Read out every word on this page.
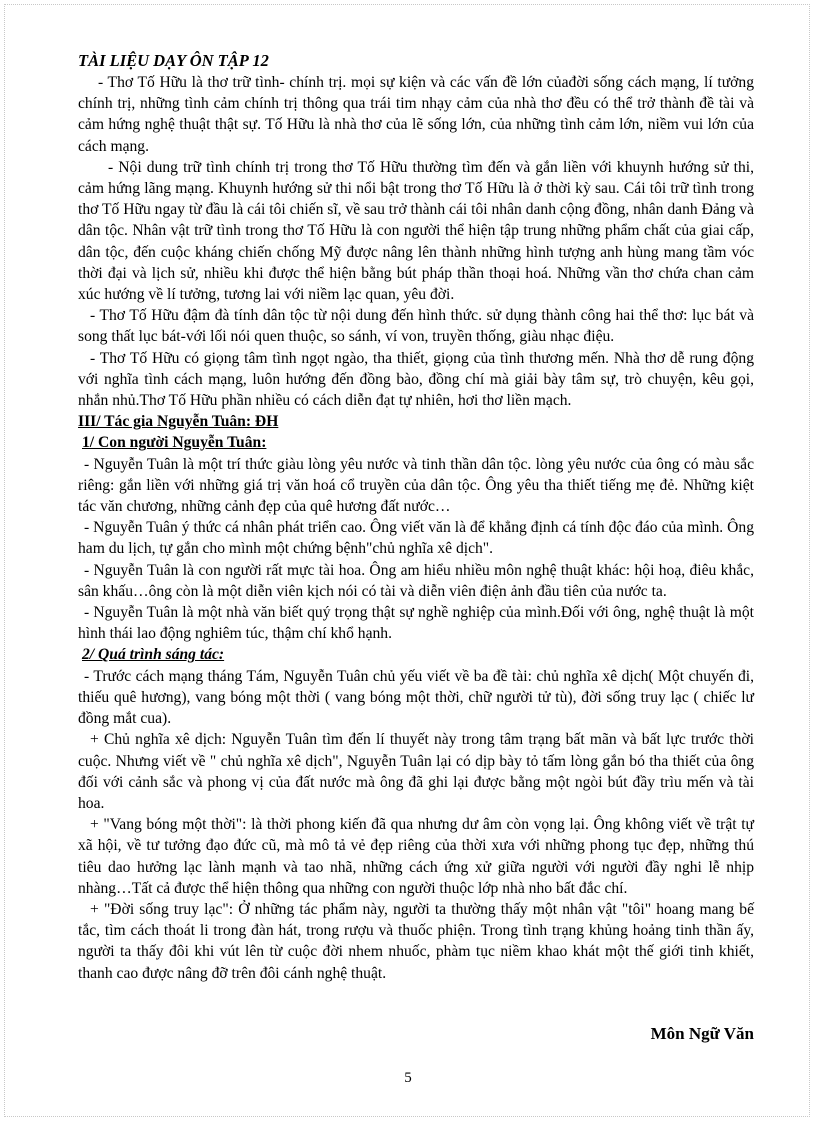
TÀI LIỆU DẠY ÔN TẬP 12

- Thơ Tố Hữu là thơ trữ tình- chính trị. mọi sự kiện và các vấn đề lớn củađời sống cách mạng, lí tưởng chính trị, những tình cảm chính trị thông qua trái tim nhạy cảm của nhà thơ đều có thể trở thành đề tài và cảm hứng nghệ thuật thật sự. Tố Hữu là nhà thơ của lẽ sống lớn, của những tình cảm lớn, niềm vui lớn của cách mạng.

- Nội dung trữ tình chính trị trong thơ Tố Hữu thường tìm đến và gắn liền với khuynh hướng sử thi, cảm hứng lãng mạng. Khuynh hướng sử thi nổi bật trong thơ Tố Hữu là ở thời kỳ sau. Cái tôi trữ tình trong thơ Tố Hữu ngay từ đầu là cái tôi chiến sĩ, về sau trở thành cái tôi nhân danh cộng đồng, nhân danh Đảng và dân tộc. Nhân vật trữ tình trong thơ Tố Hữu là con người thể hiện tập trung những phẩm chất của giai cấp, dân tộc, đến cuộc kháng chiến chống Mỹ được nâng lên thành những hình tượng anh hùng mang tầm vóc thời đại và lịch sử, nhiều khi được thể hiện bằng bút pháp thần thoại hoá. Những vần thơ chứa chan cảm xúc hướng về lí tưởng, tương lai với niềm lạc quan, yêu đời.

- Thơ Tố Hữu đậm đà tính dân tộc từ nội dung đến hình thức. sử dụng thành công hai thể thơ: lục bát và song thất lục bát-với lối nói quen thuộc, so sánh, ví von, truyền thống, giàu nhạc điệu.

- Thơ Tố Hữu có giọng tâm tình ngọt ngào, tha thiết, giọng của tình thương mến. Nhà thơ dễ rung động với nghĩa tình cách mạng, luôn hướng đến đồng bào, đồng chí mà giải bày tâm sự, trò chuyện, kêu gọi, nhắn nhủ.Thơ Tố Hữu phần nhiều có cách diễn đạt tự nhiên, hơi thơ liền mạch.

III/ Tác gia Nguyễn Tuân: ĐH

1/ Con người Nguyễn Tuân:

- Nguyễn Tuân là một trí thức giàu lòng yêu nước và tinh thần dân tộc. lòng yêu nước của ông có màu sắc riêng: gắn liền với những giá trị văn hoá cổ truyền của dân tộc. Ông yêu tha thiết tiếng mẹ đẻ. Những kiệt tác văn chương, những cảnh đẹp của quê hương đất nước…

- Nguyễn Tuân ý thức cá nhân phát triển cao. Ông viết văn là để khẳng định cá tính độc đáo của mình. Ông ham du lịch, tự gắn cho mình một chứng bệnh"chủ nghĩa xê dịch".

- Nguyễn Tuân là con người rất mực tài hoa. Ông am hiểu nhiều môn nghệ thuật khác: hội hoạ, điêu khắc, sân khấu…ông còn là một diễn viên kịch nói có tài và diễn viên điện ảnh đầu tiên của nước ta.

- Nguyễn Tuân là một nhà văn biết quý trọng thật sự nghề nghiệp của mình.Đối với ông, nghệ thuật là một hình thái lao động nghiêm túc, thậm chí khổ hạnh.

2/ Quá trình sáng tác:

- Trước cách mạng tháng Tám, Nguyễn Tuân chủ yếu viết về ba đề tài: chủ nghĩa xê dịch( Một chuyến đi, thiếu quê hương), vang bóng một thời ( vang bóng một thời, chữ người tử tù), đời sống truy lạc ( chiếc lư đồng mắt cua).

+ Chủ nghĩa xê dịch: Nguyễn Tuân tìm đến lí thuyết này trong tâm trạng bất mãn và bất lực trước thời cuộc. Nhưng viết về " chủ nghĩa xê dịch", Nguyễn Tuân lại có dịp bày tỏ tấm lòng gắn bó tha thiết của ông đối với cảnh sắc và phong vị của đất nước mà ông đã ghi lại được bằng một ngòi bút đầy trìu mến và tài hoa.

+ "Vang bóng một thời": là thời phong kiến đã qua nhưng dư âm còn vọng lại. Ông không viết về trật tự xã hội, về tư tưởng đạo đức cũ, mà mô tả vẻ đẹp riêng của thời xưa với những phong tục đẹp, những thú tiêu dao hưởng lạc lành mạnh và tao nhã, những cách ứng xử giữa người với người đầy nghi lễ nhịp nhàng…Tất cả được thể hiện thông qua những con người thuộc lớp nhà nho bất đắc chí.

+ "Đời sống truy lạc": Ở những tác phẩm này, người ta thường thấy một nhân vật "tôi" hoang mang bế tắc, tìm cách thoát li trong đàn hát, trong rượu và thuốc phiện. Trong tình trạng khủng hoảng tinh thần ấy, người ta thấy đôi khi vút lên từ cuộc đời nhem nhuốc, phàm tục niềm khao khát một thế giới tinh khiết, thanh cao được nâng đỡ trên đôi cánh nghệ thuật.

Môn Ngữ Văn
5
